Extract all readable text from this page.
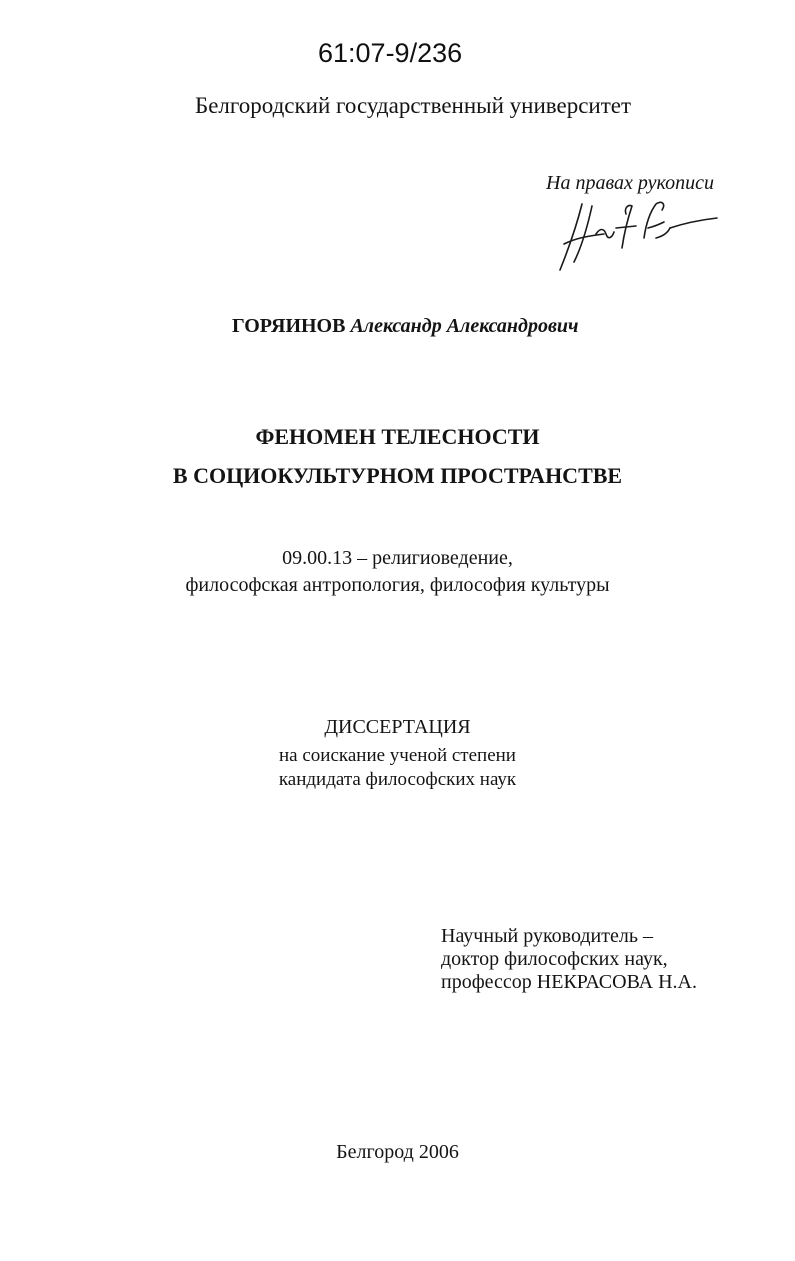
61:07-9/236
Белгородский государственный университет
На правах рукописи
ГОРЯИНОВ Александр Александрович
ФЕНОМЕН ТЕЛЕСНОСТИ
В СОЦИОКУЛЬТУРНОМ ПРОСТРАНСТВЕ
09.00.13 – религиоведение,
философская антропология, философия культуры
ДИССЕРТАЦИЯ
на соискание ученой степени
кандидата философских наук
Научный руководитель –
доктор философских наук,
профессор НЕКРАСОВА Н.А.
Белгород 2006
